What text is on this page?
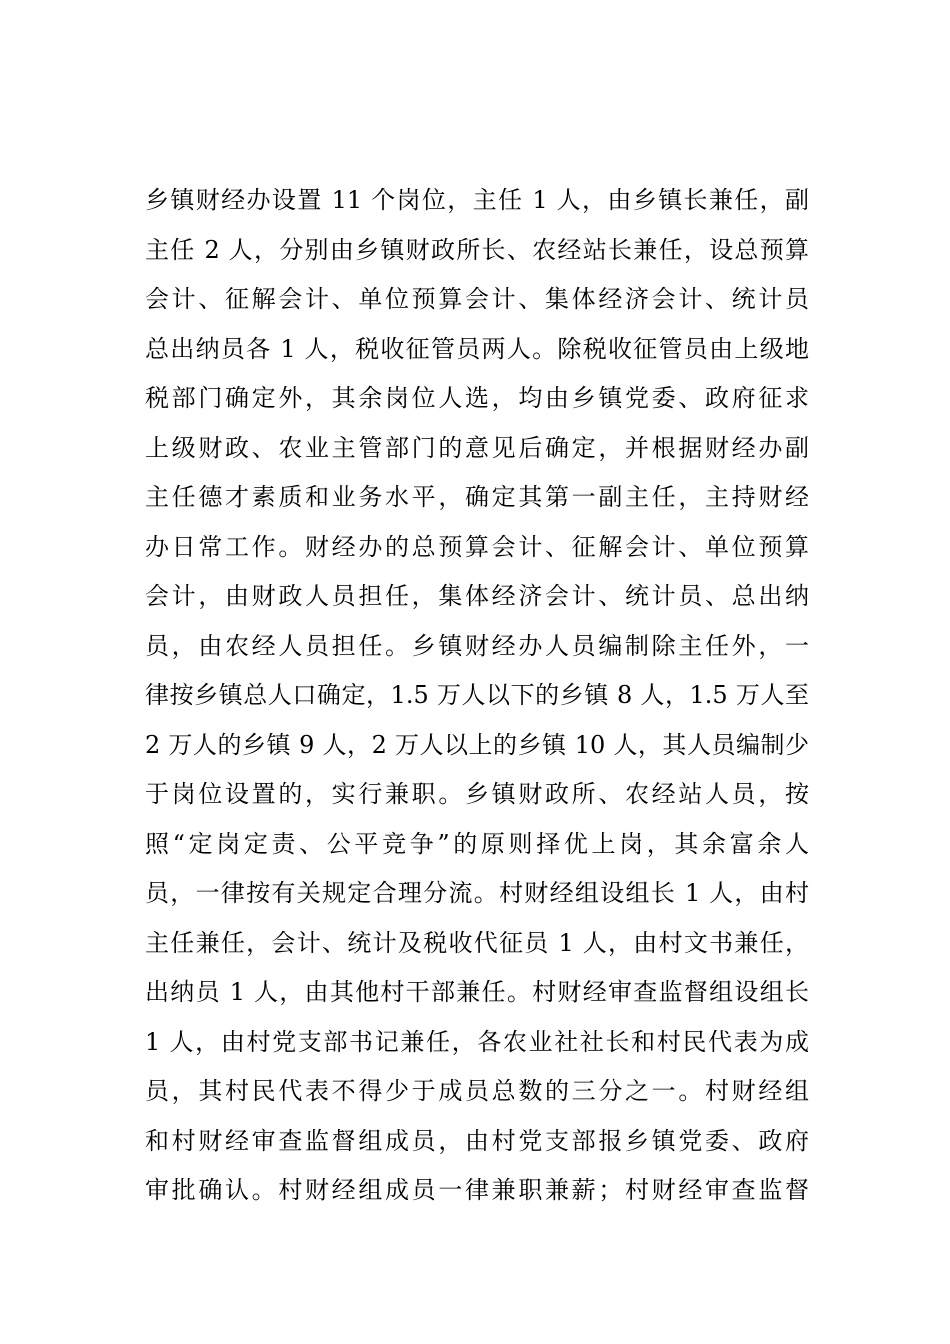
乡镇财经办设置 11 个岗位，主任 1 人，由乡镇长兼任，副
主任 2 人，分别由乡镇财政所长、农经站长兼任，设总预算
会计、征解会计、单位预算会计、集体经济会计、统计员
总出纳员各 1 人，税收征管员两人。除税收征管员由上级地
税部门确定外，其余岗位人选，均由乡镇党委、政府征求
上级财政、农业主管部门的意见后确定，并根据财经办副
主任德才素质和业务水平，确定其第一副主任，主持财经
办日常工作。财经办的总预算会计、征解会计、单位预算
会计，由财政人员担任，集体经济会计、统计员、总出纳
员，由农经人员担任。乡镇财经办人员编制除主任外，一
律按乡镇总人口确定，1.5 万人以下的乡镇 8 人，1.5 万人至
2 万人的乡镇 9 人，2 万人以上的乡镇 10 人，其人员编制少
于岗位设置的，实行兼职。乡镇财政所、农经站人员，按
照“定岗定责、公平竞争”的原则择优上岗，其余富余人
员，一律按有关规定合理分流。村财经组设组长 1 人，由村
主任兼任，会计、统计及税收代征员 1 人，由村文书兼任，
出纳员 1 人，由其他村干部兼任。村财经审查监督组设组长
1 人，由村党支部书记兼任，各农业社社长和村民代表为成
员，其村民代表不得少于成员总数的三分之一。村财经组
和村财经审查监督组成员，由村党支部报乡镇党委、政府
审批确认。村财经组成员一律兼职兼薪；村财经审查监督
